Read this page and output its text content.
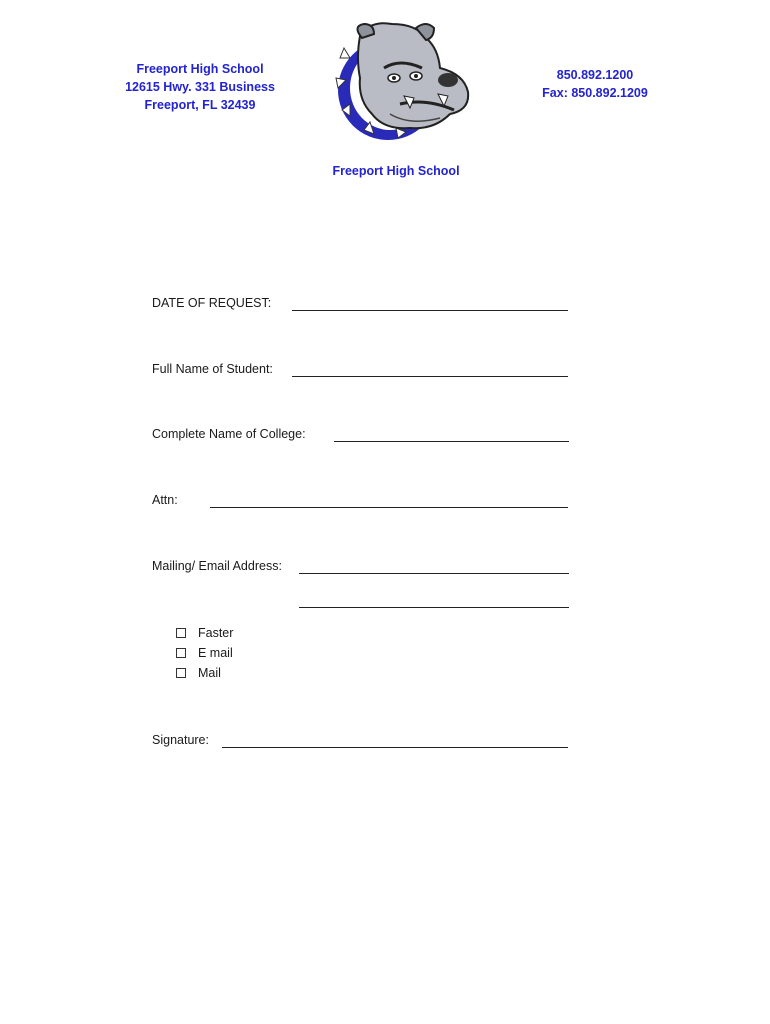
Freeport High School
12615 Hwy. 331 Business
Freeport, FL 32439
850.892.1200
Fax: 850.892.1209
Freeport High School
DATE OF REQUEST:
Full Name of Student:
Complete Name of College:
Attn:
Mailing/ Email Address:
Faster
E mail
Mail
Signature:
